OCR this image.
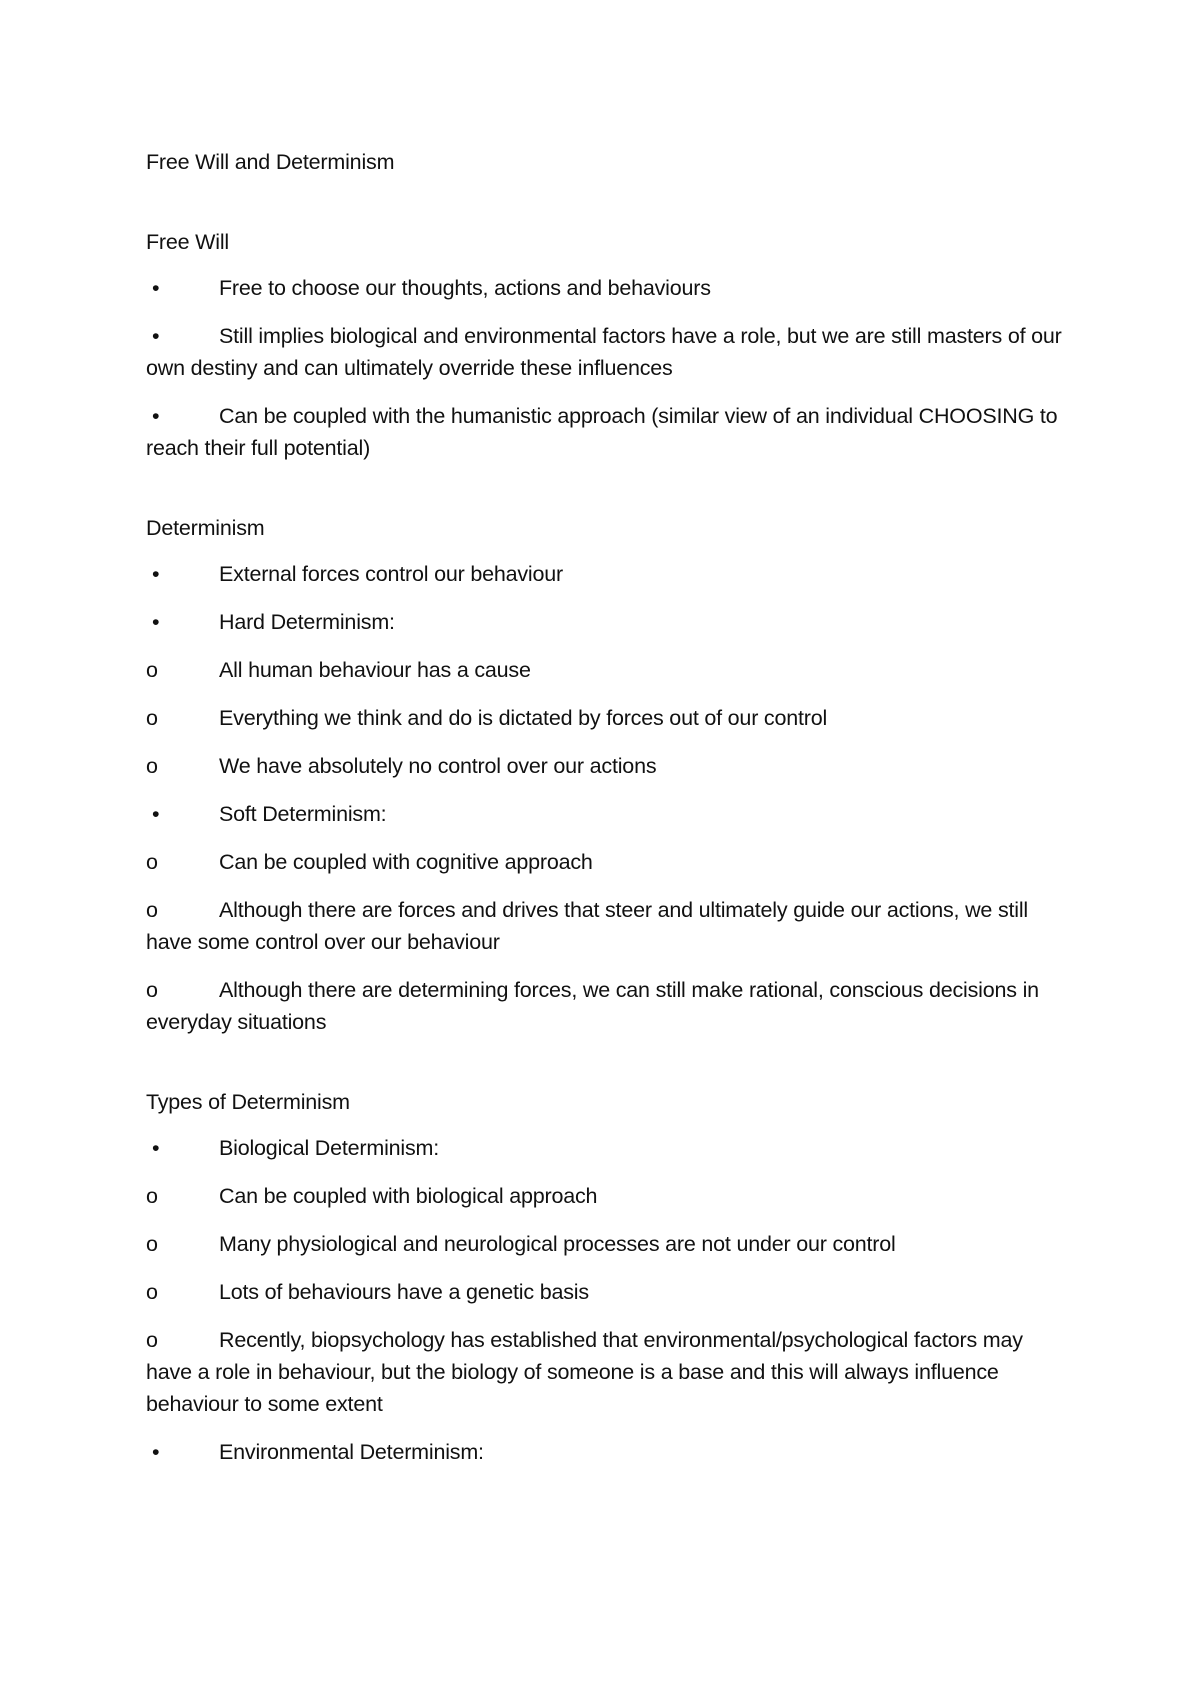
Free Will and Determinism

Free Will

•	Free to choose our thoughts, actions and behaviours

•	Still implies biological and environmental factors have a role, but we are still masters of our own destiny and can ultimately override these influences

•	Can be coupled with the humanistic approach (similar view of an individual CHOOSING to reach their full potential)

Determinism

•	External forces control our behaviour

•	Hard Determinism:

o	All human behaviour has a cause

o	Everything we think and do is dictated by forces out of our control

o	We have absolutely no control over our actions

•	Soft Determinism:

o	Can be coupled with cognitive approach

o	Although there are forces and drives that steer and ultimately guide our actions, we still have some control over our behaviour

o	Although there are determining forces, we can still make rational, conscious decisions in everyday situations

Types of Determinism

•	Biological Determinism:

o	Can be coupled with biological approach

o	Many physiological and neurological processes are not under our control

o	Lots of behaviours have a genetic basis

o	Recently, biopsychology has established that environmental/psychological factors may have a role in behaviour, but the biology of someone is a base and this will always influence behaviour to some extent

•	Environmental Determinism:
